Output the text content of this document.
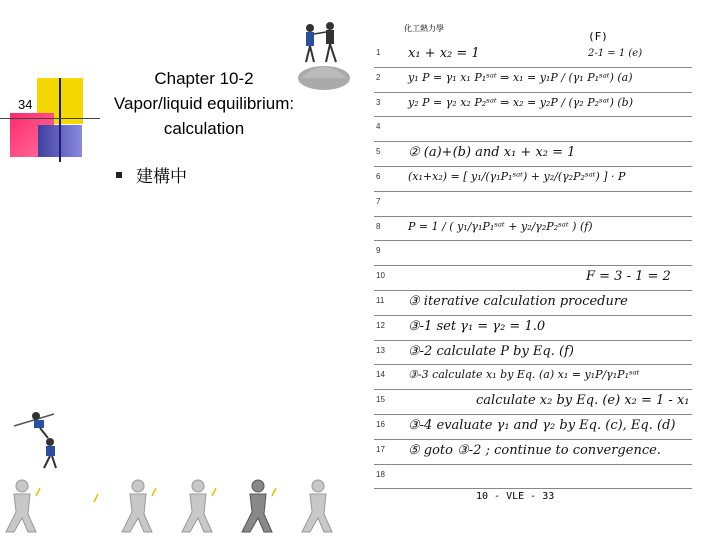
34
Chapter 10-2
Vapor/liquid equilibrium:
calculation
建構中
化工熱力學
(F)
1
2
3
4
5
6
7
8
9
10
11
12
13
14
15
16
17
18
x₁ + x₂ = 1	2-1 = 1 (e)
y₁ P = γ₁ x₁ P₁ˢᵃᵗ ⇒ x₁ = y₁P / (γ₁ P₁ˢᵃᵗ) (a)
y₂ P = γ₂ x₂ P₂ˢᵃᵗ ⇒ x₂ = y₂P / (γ₂ P₂ˢᵃᵗ) (b)
② (a)+(b) and x₁ + x₂ = 1
(x₁+x₂) = [ y₁/(γ₁P₁ˢᵃᵗ) + y₂/(γ₂P₂ˢᵃᵗ) ] · P
P = 1 / ( y₁/γ₁P₁ˢᵃᵗ + y₂/γ₂P₂ˢᵃᵗ ) (f)
F = 3 - 1 = 2
③ iterative calculation procedure
③-1 set γ₁ = γ₂ = 1.0
③-2 calculate P by Eq. (f)
③-3 calculate x₁ by Eq. (a) x₁ = y₁P/γ₁P₁ˢᵃᵗ
calculate x₂ by Eq. (e) x₂ = 1 - x₁
③-4 evaluate γ₁ and γ₂ by Eq. (c), Eq. (d)
⑤ goto ③-2 ; continue to convergence.
10 - VLE - 33
